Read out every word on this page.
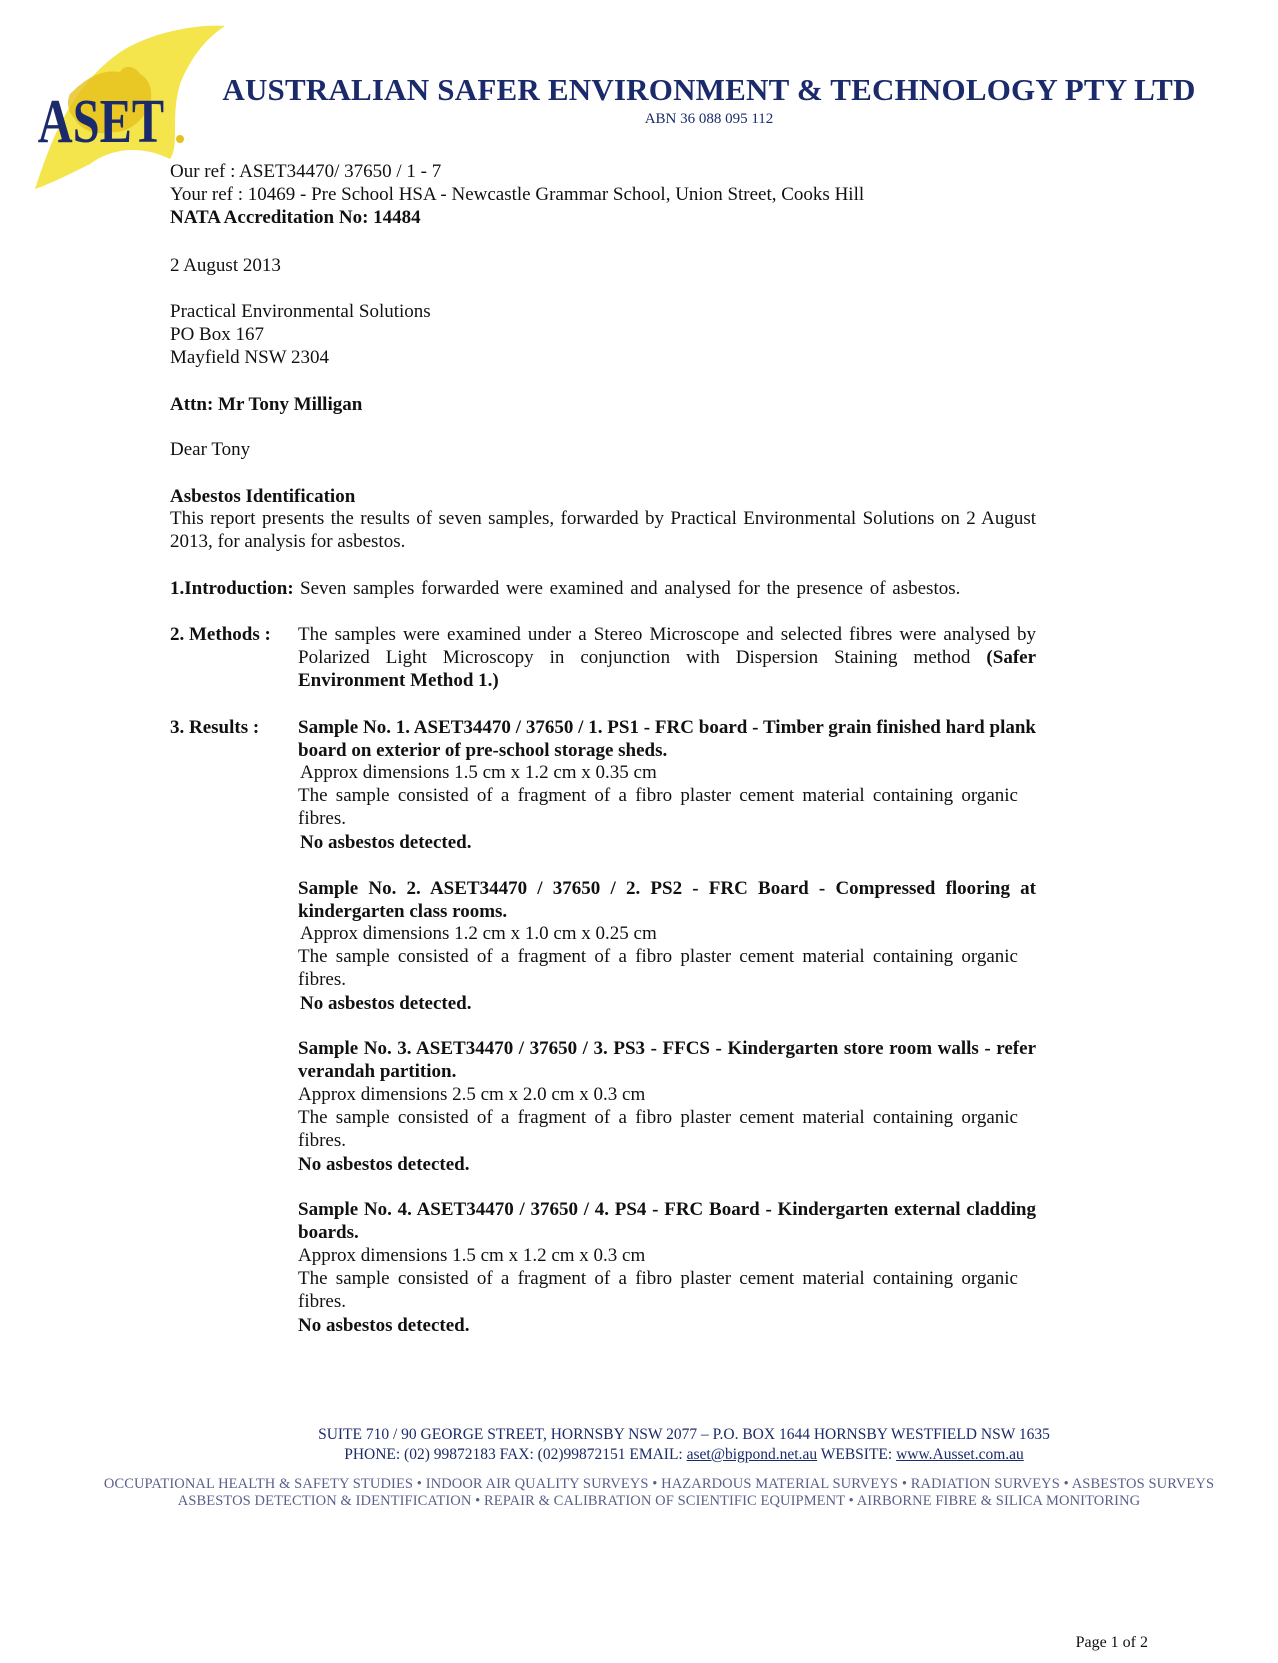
ASET	AUSTRALIAN SAFER ENVIRONMENT & TECHNOLOGY PTY LTD
ABN 36 088 095 112
Our ref : ASET34470/ 37650 / 1 - 7
Your ref : 10469 - Pre School HSA - Newcastle Grammar School, Union Street, Cooks Hill
NATA Accreditation No: 14484
2 August 2013
Practical Environmental Solutions
PO Box 167
Mayfield NSW 2304
Attn: Mr Tony Milligan
Dear Tony
Asbestos Identification
This report presents the results of seven samples, forwarded by Practical Environmental Solutions on 2 August 2013, for analysis for asbestos.
1.Introduction: Seven samples forwarded were examined and analysed for the presence of asbestos.
2. Methods : The samples were examined under a Stereo Microscope and selected fibres were analysed by Polarized Light Microscopy in conjunction with Dispersion Staining method (Safer Environment Method 1.)
3. Results : Sample No. 1. ASET34470 / 37650 / 1. PS1 - FRC board - Timber grain finished hard plank board on exterior of pre-school storage sheds.
Approx dimensions 1.5 cm x 1.2 cm x 0.35 cm
The sample consisted of a fragment of a fibro plaster cement material containing organic fibres.
No asbestos detected.
Sample No. 2. ASET34470 / 37650 / 2. PS2 - FRC Board - Compressed flooring at kindergarten class rooms.
Approx dimensions 1.2 cm x 1.0 cm x 0.25 cm
The sample consisted of a fragment of a fibro plaster cement material containing organic fibres.
No asbestos detected.
Sample No. 3. ASET34470 / 37650 / 3. PS3 - FFCS - Kindergarten store room walls - refer verandah partition.
Approx dimensions 2.5 cm x 2.0 cm x 0.3 cm
The sample consisted of a fragment of a fibro plaster cement material containing organic fibres.
No asbestos detected.
Sample No. 4. ASET34470 / 37650 / 4. PS4 - FRC Board - Kindergarten external cladding boards.
Approx dimensions 1.5 cm x 1.2 cm x 0.3 cm
The sample consisted of a fragment of a fibro plaster cement material containing organic fibres.
No asbestos detected.
SUITE 710 / 90 GEORGE STREET, HORNSBY NSW 2077 – P.O. BOX 1644 HORNSBY WESTFIELD NSW 1635
PHONE: (02) 99872183 FAX: (02)99872151 EMAIL: aset@bigpond.net.au WEBSITE: www.Ausset.com.au
OCCUPATIONAL HEALTH & SAFETY STUDIES • INDOOR AIR QUALITY SURVEYS • HAZARDOUS MATERIAL SURVEYS • RADIATION SURVEYS • ASBESTOS SURVEYS
ASBESTOS DETECTION & IDENTIFICATION • REPAIR & CALIBRATION OF SCIENTIFIC EQUIPMENT • AIRBORNE FIBRE & SILICA MONITORING
Page 1 of 2
